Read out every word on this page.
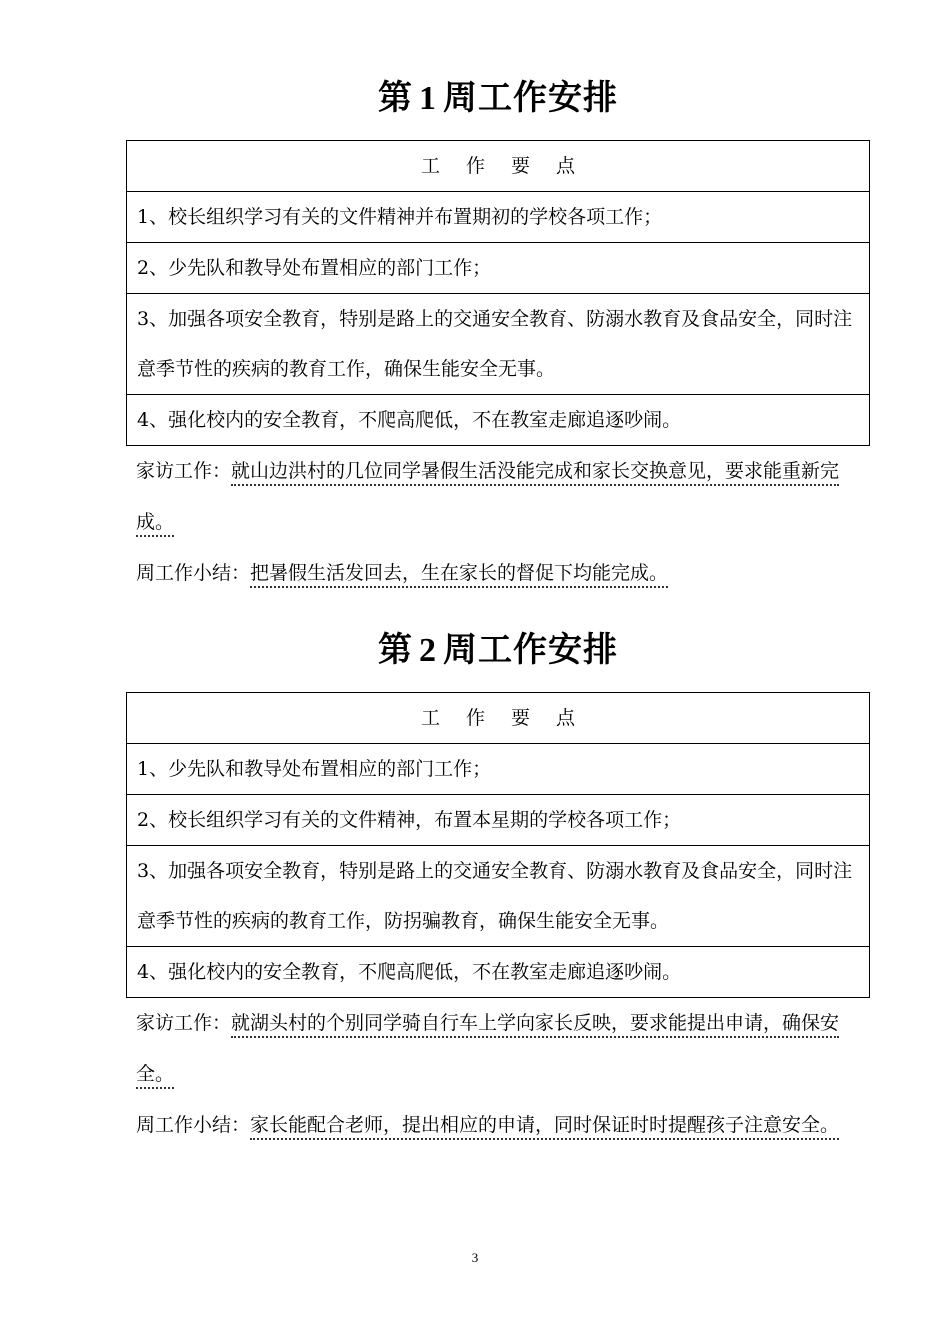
第 1 周工作安排
工作要点
1、校长组织学习有关的文件精神并布置期初的学校各项工作；
2、少先队和教导处布置相应的部门工作；
3、加强各项安全教育，特别是路上的交通安全教育、防溺水教育及食品安全，同时注意季节性的疾病的教育工作，确保生能安全无事。
4、强化校内的安全教育，不爬高爬低，不在教室走廊追逐吵闹。
家访工作：就山边洪村的几位同学暑假生活没能完成和家长交换意见，要求能重新完成。
周工作小结：把暑假生活发回去，生在家长的督促下均能完成。
第 2 周工作安排
工作要点
1、少先队和教导处布置相应的部门工作；
2、校长组织学习有关的文件精神，布置本星期的学校各项工作；
3、加强各项安全教育，特别是路上的交通安全教育、防溺水教育及食品安全，同时注意季节性的疾病的教育工作，防拐骗教育，确保生能安全无事。
4、强化校内的安全教育，不爬高爬低，不在教室走廊追逐吵闹。
家访工作：就湖头村的个别同学骑自行车上学向家长反映，要求能提出申请，确保安全。
周工作小结：家长能配合老师，提出相应的申请，同时保证时时提醒孩子注意安全。
3
